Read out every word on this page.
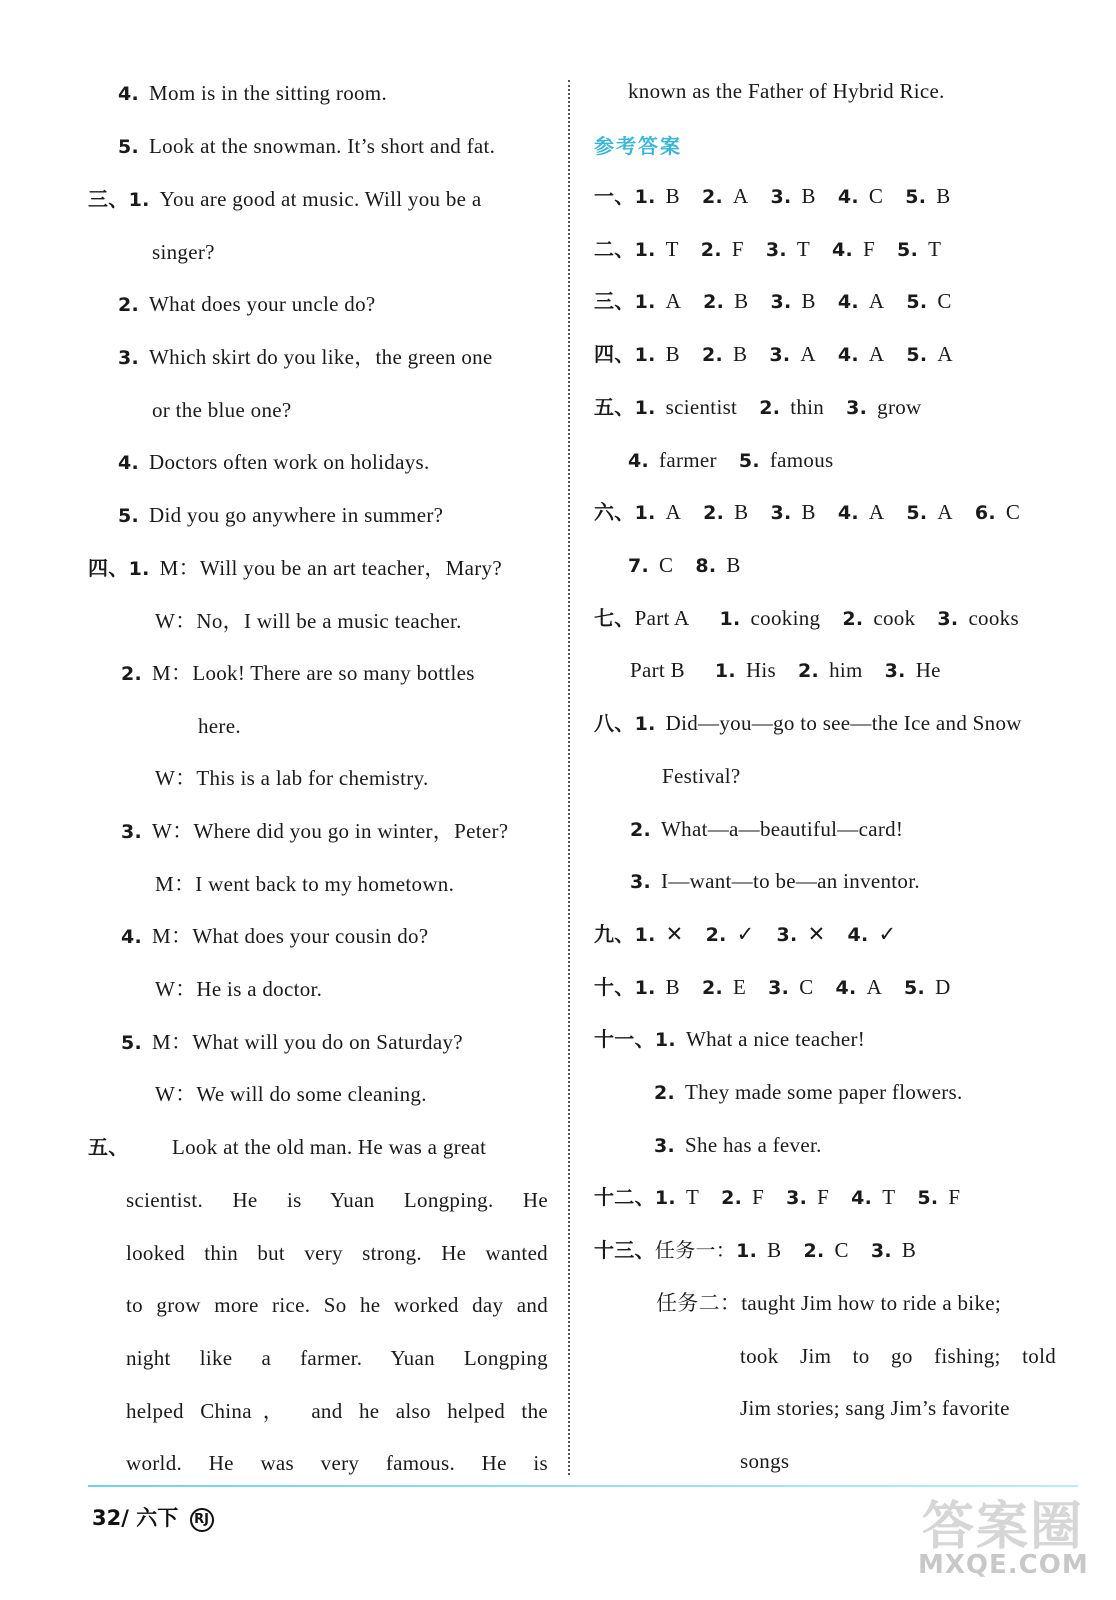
4. Mom is in the sitting room.
5. Look at the snowman. It’s short and fat.
三、1. You are good at music. Will you be a
singer?
2. What does your uncle do?
3. Which skirt do you like，the green one
or the blue one?
4. Doctors often work on holidays.
5. Did you go anywhere in summer?
四、1. M：Will you be an art teacher，Mary?
W：No，I will be a music teacher.
2. M：Look! There are so many bottles
here.
W：This is a lab for chemistry.
3. W：Where did you go in winter，Peter?
M：I went back to my hometown.
4. M：What does your cousin do?
W：He is a doctor.
5. M：What will you do on Saturday?
W：We will do some cleaning.
五、 Look at the old man. He was a great
scientist. He is Yuan Longping. He
looked thin but very strong. He wanted
to grow more rice. So he worked day and
night like a farmer. Yuan Longping
helped China， and he also helped the
world. He was very famous. He is
known as the Father of Hybrid Rice.
参考答案
一、1. B 2. A 3. B 4. C 5. B
二、1. T 2. F 3. T 4. F 5. T
三、1. A 2. B 3. B 4. A 5. C
四、1. B 2. B 3. A 4. A 5. A
五、1. scientist 2. thin 3. grow
4. farmer 5. famous
六、1. A 2. B 3. B 4. A 5. A 6. C
7. C 8. B
七、Part A 1. cooking 2. cook 3. cooks
Part B 1. His 2. him 3. He
八、1. Did—you—go to see—the Ice and Snow
Festival?
2. What—a—beautiful—card!
3. I—want—to be—an inventor.
九、1. ✕ 2. ✓ 3. ✕ 4. ✓
十、1. B 2. E 3. C 4. A 5. D
十一、1. What a nice teacher!
2. They made some paper flowers.
3. She has a fever.
十二、1. T 2. F 3. F 4. T 5. F
十三、任务一：1. B 2. C 3. B
任务二：taught Jim how to ride a bike;
took Jim to go fishing; told
Jim stories; sang Jim’s favorite
songs
32/ 六下 RJ	答案圈
MXQE.COM
